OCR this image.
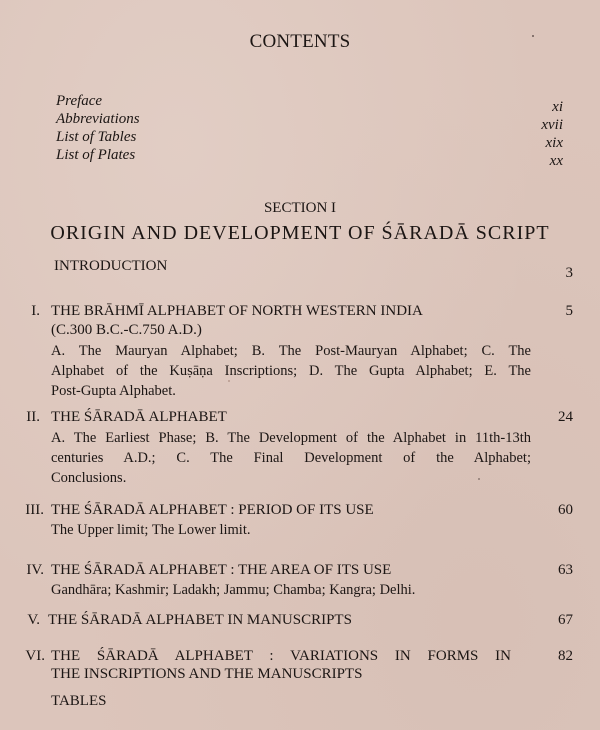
CONTENTS
Preface	xi
Abbreviations	xvii
List of Tables	xix
List of Plates	xx
SECTION I
ORIGIN AND DEVELOPMENT OF ŚĀRADĀ SCRIPT
INTRODUCTION	3
I. THE BRĀHMĪ ALPHABET OF NORTH WESTERN INDIA	5
(C.300 B.C.-C.750 A.D.)
A. The Mauryan Alphabet; B. The Post-Mauryan Alphabet; C. The
Alphabet of the Kuṣāṇa Inscriptions; D. The Gupta Alphabet; E. The
Post-Gupta Alphabet.
II. THE ŚĀRADĀ ALPHABET	24
A. The Earliest Phase; B. The Development of the Alphabet in 11th-13th
centuries A.D.; C. The Final Development of the Alphabet;
Conclusions.
III. THE ŚĀRADĀ ALPHABET : PERIOD OF ITS USE	60
The Upper limit; The Lower limit.
IV. THE ŚĀRADĀ ALPHABET : THE AREA OF ITS USE	63
Gandhāra; Kashmir; Ladakh; Jammu; Chamba; Kangra; Delhi.
V. THE ŚĀRADĀ ALPHABET IN MANUSCRIPTS	67
VI. THE ŚĀRADĀ ALPHABET : VARIATIONS IN FORMS IN	82
THE INSCRIPTIONS AND THE MANUSCRIPTS
TABLES
